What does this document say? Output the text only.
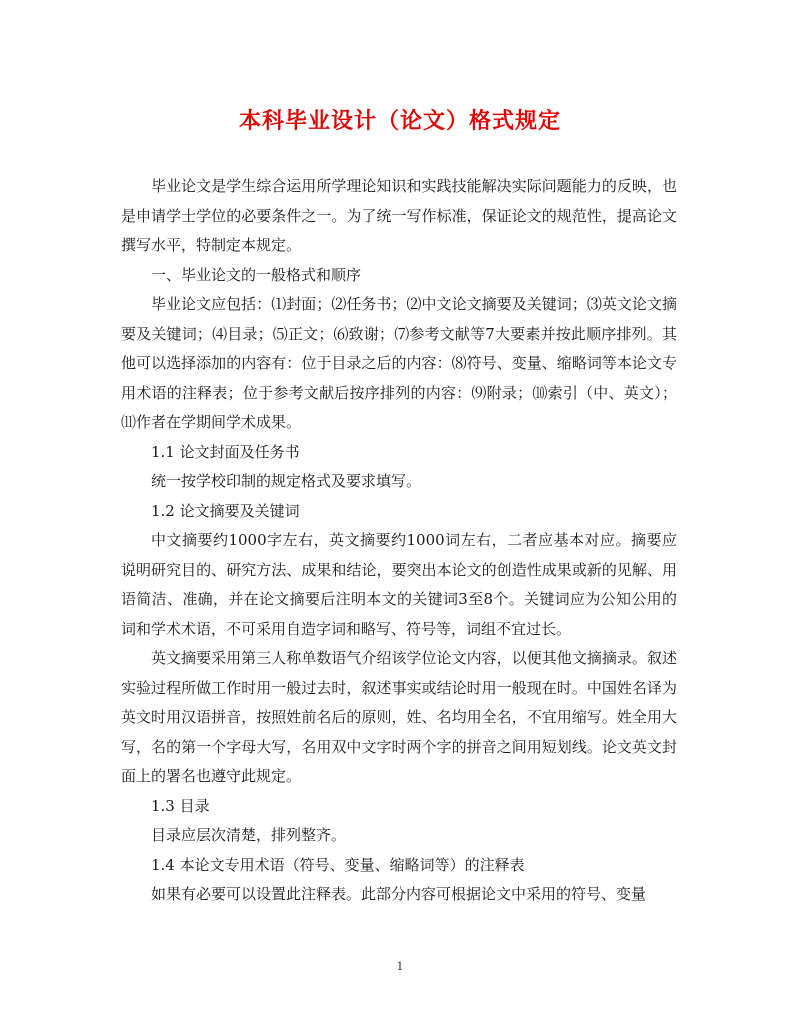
本科毕业设计（论文）格式规定

毕业论文是学生综合运用所学理论知识和实践技能解决实际问题能力的反映，也是申请学士学位的必要条件之一。为了统一写作标准，保证论文的规范性，提高论文撰写水平，特制定本规定。

一、毕业论文的一般格式和顺序

毕业论文应包括：⑴封面；⑵任务书；⑵中文论文摘要及关键词；⑶英文论文摘要及关键词；⑷目录；⑸正文；⑹致谢；⑺参考文献等7大要素并按此顺序排列。其他可以选择添加的内容有：位于目录之后的内容：⑻符号、变量、缩略词等本论文专用术语的注释表；位于参考文献后按序排列的内容：⑼附录；⑽索引（中、英文）；⑾作者在学期间学术成果。

1.1 论文封面及任务书

统一按学校印制的规定格式及要求填写。

1.2 论文摘要及关键词

中文摘要约1000字左右，英文摘要约1000词左右，二者应基本对应。摘要应说明研究目的、研究方法、成果和结论，要突出本论文的创造性成果或新的见解、用语简洁、准确，并在论文摘要后注明本文的关键词3至8个。关键词应为公知公用的词和学术术语，不可采用自造字词和略写、符号等，词组不宜过长。

英文摘要采用第三人称单数语气介绍该学位论文内容，以便其他文摘摘录。叙述实验过程所做工作时用一般过去时，叙述事实或结论时用一般现在时。中国姓名译为英文时用汉语拼音，按照姓前名后的原则，姓、名均用全名，不宜用缩写。姓全用大写，名的第一个字母大写，名用双中文字时两个字的拼音之间用短划线。论文英文封面上的署名也遵守此规定。

1.3 目录

目录应层次清楚，排列整齐。

1.4 本论文专用术语（符号、变量、缩略词等）的注释表

如果有必要可以设置此注释表。此部分内容可根据论文中采用的符号、变量

1
